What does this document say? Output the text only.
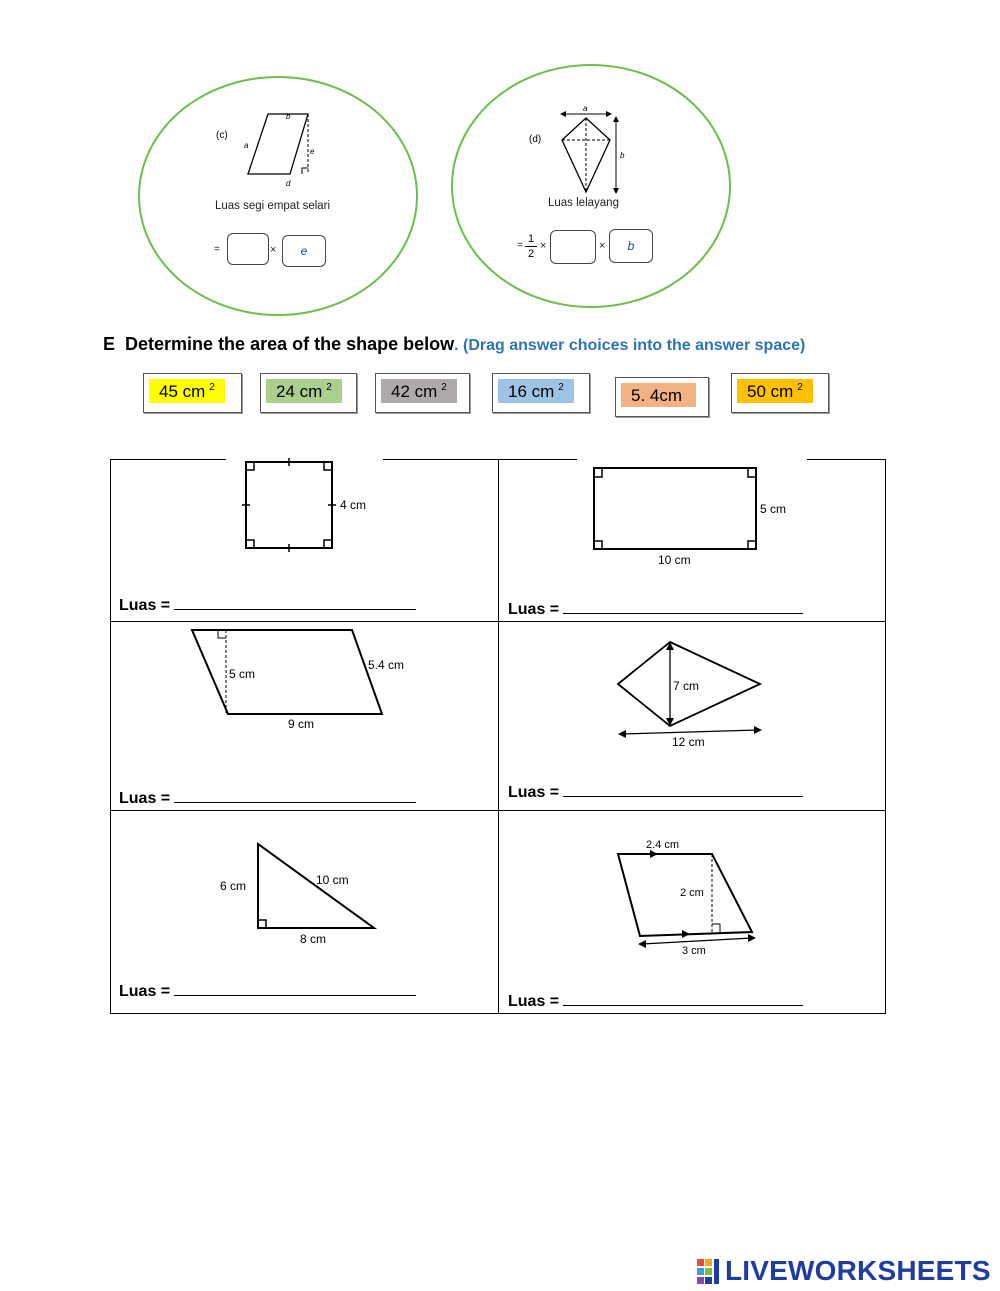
(c)
b
a
e
d
Luas segi empat selari
=	×	e
(d)
a
b
Luas lelayang
=
1
2
×	×	b
E Determine the area of the shape below. (Drag answer choices into the answer space)
45 cm $^2$	24 cm $^2$	42 cm $^2$	16 cm $^2$	5. 4cm	50 cm $^2$
4 cm
Luas =
5 cm
10 cm
Luas =
5 cm
5.4 cm
9 cm
Luas =
7 cm
12 cm
Luas =
6 cm	10 cm
8 cm
Luas =
2.4 cm
2 cm
3 cm
Luas =
LIVEWORKSHEETS
